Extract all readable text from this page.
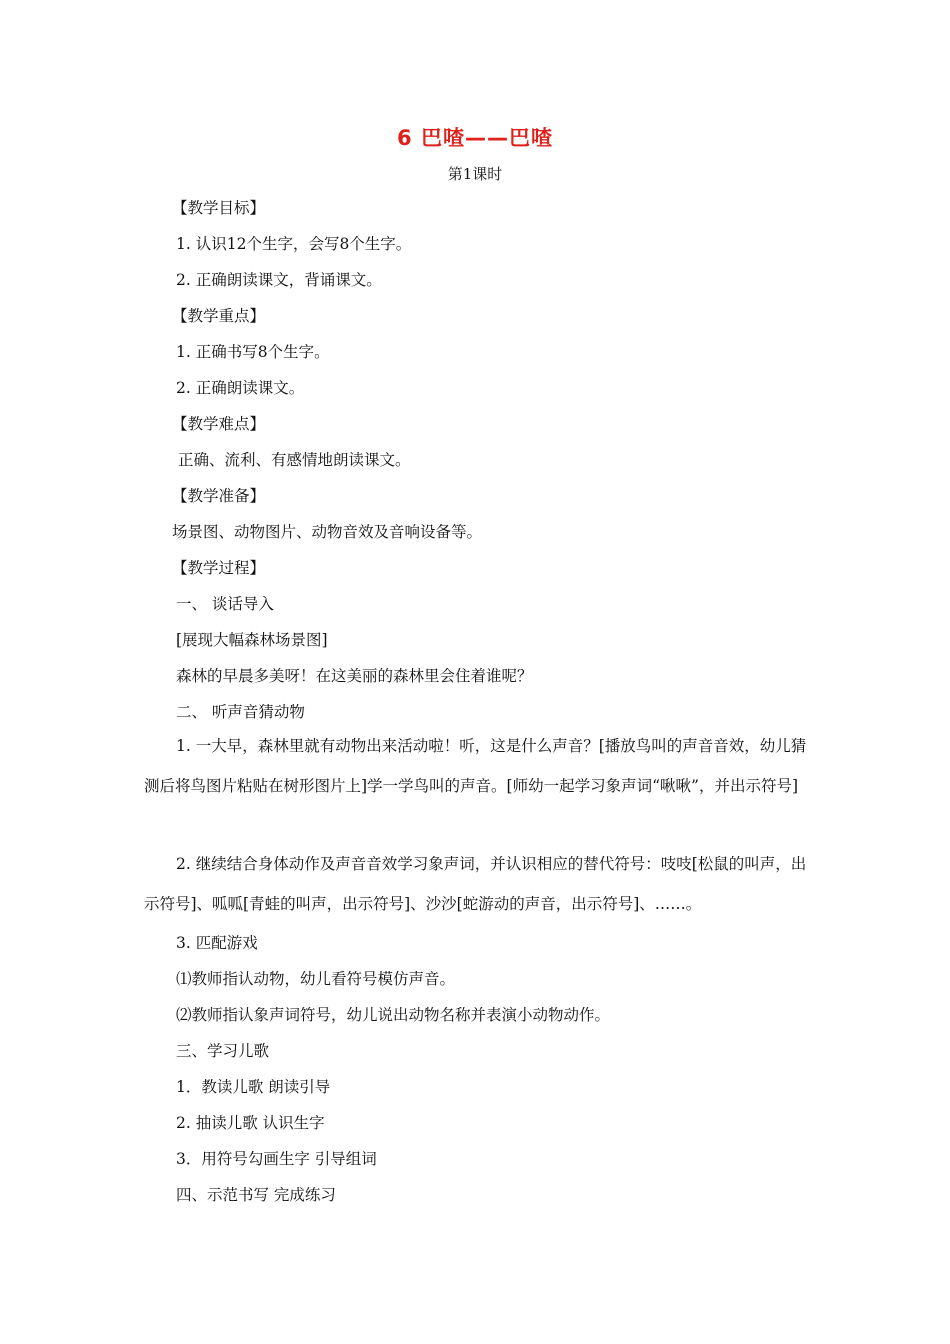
6 巴喳——巴喳
第1课时
【教学目标】
1. 认识12个生字，会写8个生字。
2. 正确朗读课文，背诵课文。
【教学重点】
1. 正确书写8个生字。
2. 正确朗读课文。
【教学难点】
正确、流利、有感情地朗读课文。
【教学准备】
场景图、动物图片、动物音效及音响设备等。
【教学过程】
一、 谈话导入
[展现大幅森林场景图]
森林的早晨多美呀！在这美丽的森林里会住着谁呢？
二、 听声音猜动物
1. 一大早，森林里就有动物出来活动啦！听，这是什么声音？[播放鸟叫的声音音效，幼儿猜测后将鸟图片粘贴在树形图片上]学一学鸟叫的声音。[师幼一起学习象声词“啾啾”，并出示符号]
2. 继续结合身体动作及声音音效学习象声词，并认识相应的替代符号：吱吱[松鼠的叫声，出示符号]、呱呱[青蛙的叫声，出示符号]、沙沙[蛇游动的声音，出示符号]、……。
3. 匹配游戏
⑴教师指认动物，幼儿看符号模仿声音。
⑵教师指认象声词符号，幼儿说出动物名称并表演小动物动作。
三、学习儿歌
1．教读儿歌 朗读引导
2. 抽读儿歌 认识生字
3．用符号勾画生字 引导组词
四、示范书写 完成练习
